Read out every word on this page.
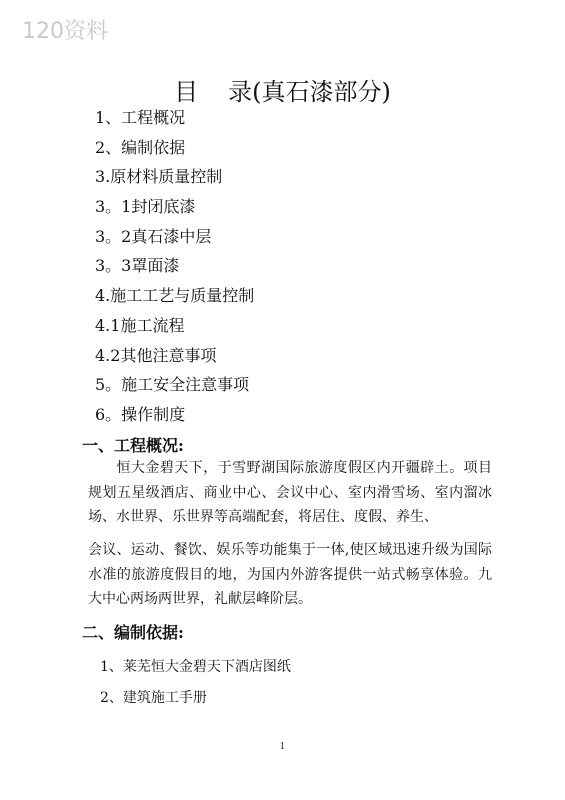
120资料
目 录(真石漆部分)
1、工程概况
2、编制依据
3.原材料质量控制
3。1封闭底漆
3。2真石漆中层
3。3罩面漆
4.施工工艺与质量控制
4.1施工流程
4.2其他注意事项
5。施工安全注意事项
6。操作制度
一、工程概况:
恒大金碧天下，于雪野湖国际旅游度假区内开疆辟土。项目规划五星级酒店、商业中心、会议中心、室内滑雪场、室内溜冰场、水世界、乐世界等高端配套，将居住、度假、养生、
会议、运动、餐饮、娱乐等功能集于一体,使区域迅速升级为国际水准的旅游度假目的地，为国内外游客提供一站式畅享体验。九大中心两场两世界，礼献层峰阶层。
二、编制依据:
1、莱芜恒大金碧天下酒店图纸
2、建筑施工手册
1
